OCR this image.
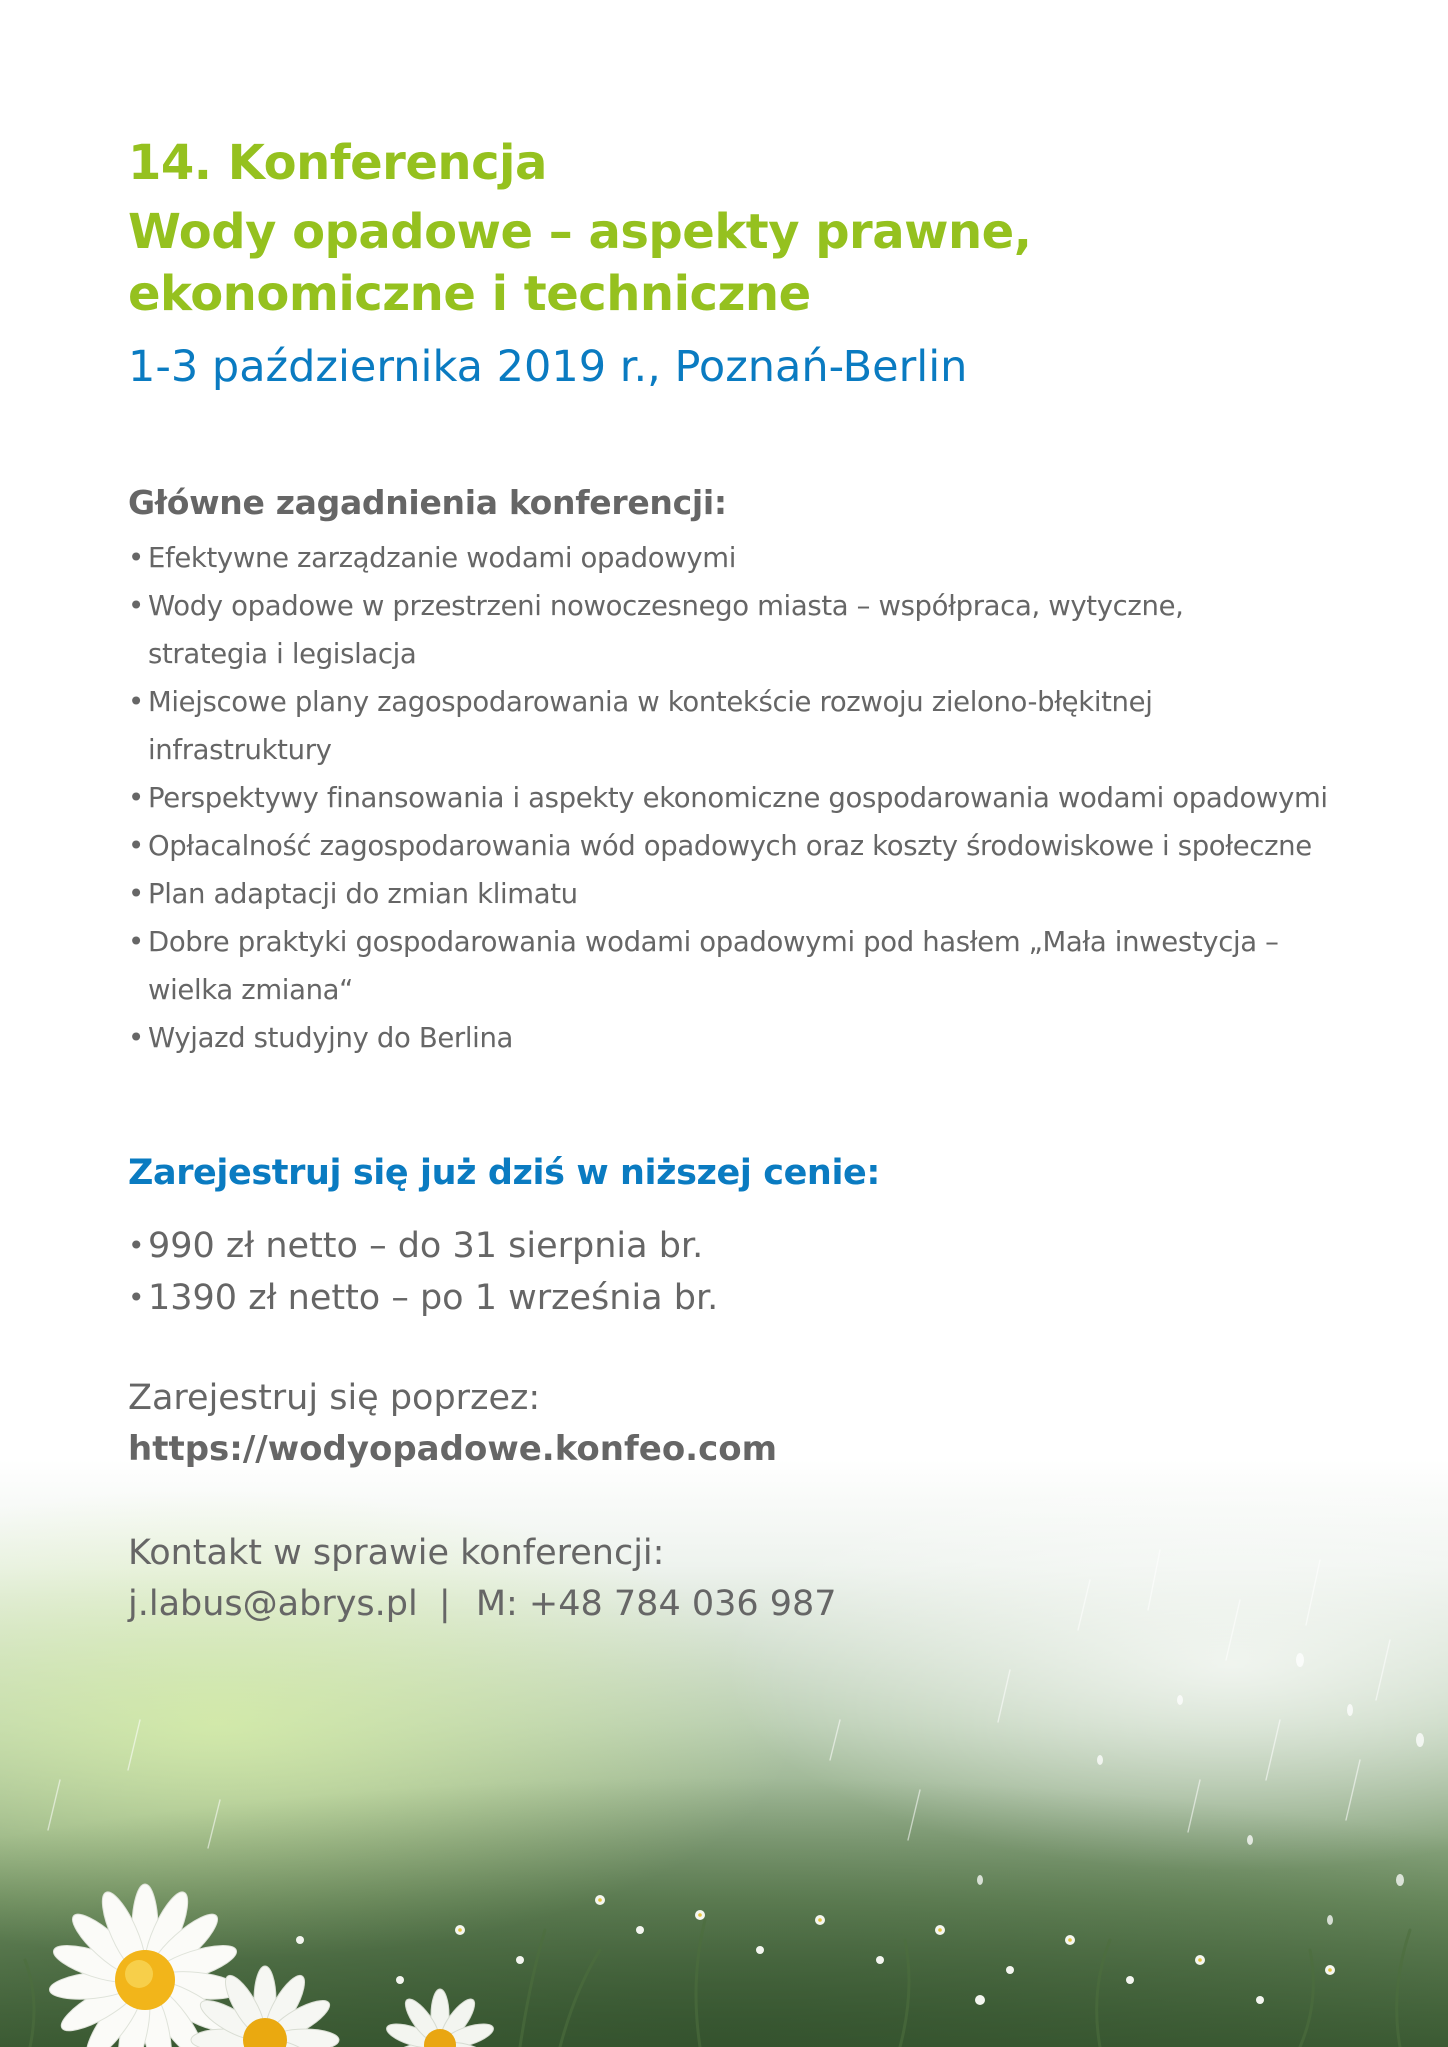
14. Konferencja
Wody opadowe – aspekty prawne,
ekonomiczne i techniczne

1-3 października 2019 r., Poznań-Berlin

Główne zagadnienia konferencji:
• Efektywne zarządzanie wodami opadowymi
• Wody opadowe w przestrzeni nowoczesnego miasta – współpraca, wytyczne,
strategia i legislacja
• Miejscowe plany zagospodarowania w kontekście rozwoju zielono-błękitnej
infrastruktury
• Perspektywy finansowania i aspekty ekonomiczne gospodarowania wodami opadowymi
• Opłacalność zagospodarowania wód opadowych oraz koszty środowiskowe i społeczne
• Plan adaptacji do zmian klimatu
• Dobre praktyki gospodarowania wodami opadowymi pod hasłem „Mała inwestycja –
wielka zmiana“
• Wyjazd studyjny do Berlina
Zarejestruj się już dziś w niższej cenie:
• 990 zł netto – do 31 sierpnia br.
• 1390 zł netto – po 1 września br.

Zarejestruj się poprzez:

https://wodyopadowe.konfeo.com

Kontakt w sprawie konferencji:

j.labus@abrys.pl | M: +48 784 036 987
